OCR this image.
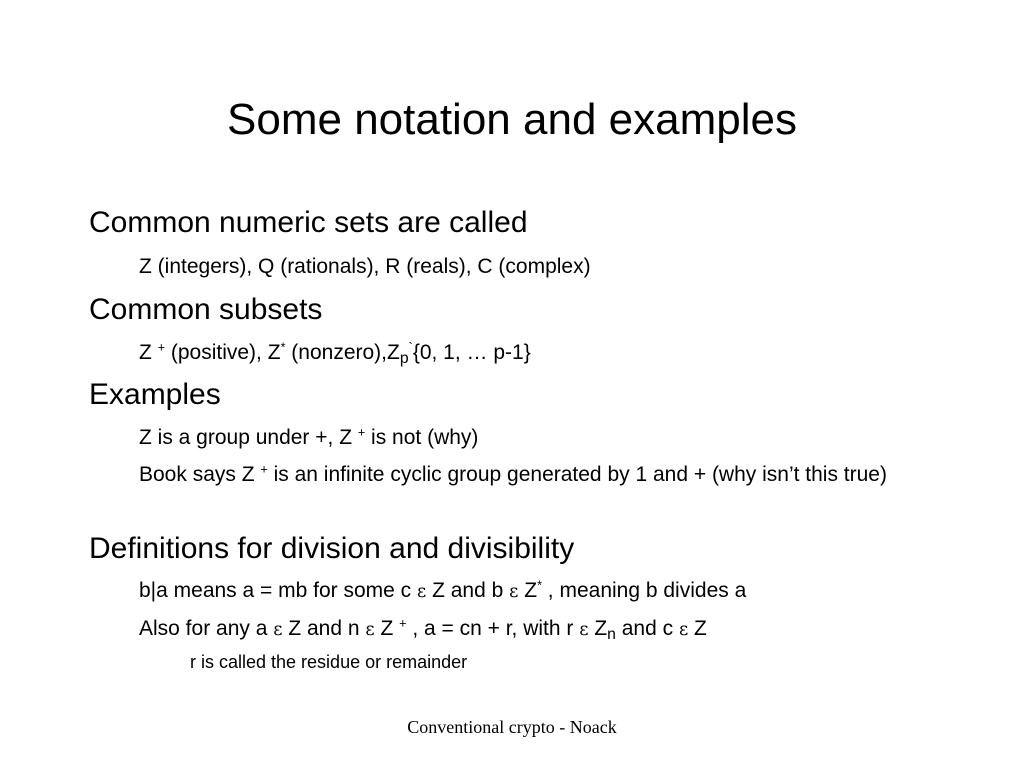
Some notation and examples
Common numeric sets are called
Z (integers), Q (rationals), R (reals), C (complex)
Common subsets
Z + (positive), Z* $(nonzero),Z_p^`\{0$, 1, … p-1}
Examples
Z is a group under +, Z + is not (why)
Book says Z + is an infinite cyclic group generated by 1 and + (why isn’t this true)
Definitions for division and divisibility
b|a means a = mb for some c ε Z and b ε Z* , meaning b divides a
Also for any a ε Z and n ε Z + , a = cn + r, with r ε $Z_n$ and c ε Z
r is called the residue or remainder
Conventional crypto - Noack
